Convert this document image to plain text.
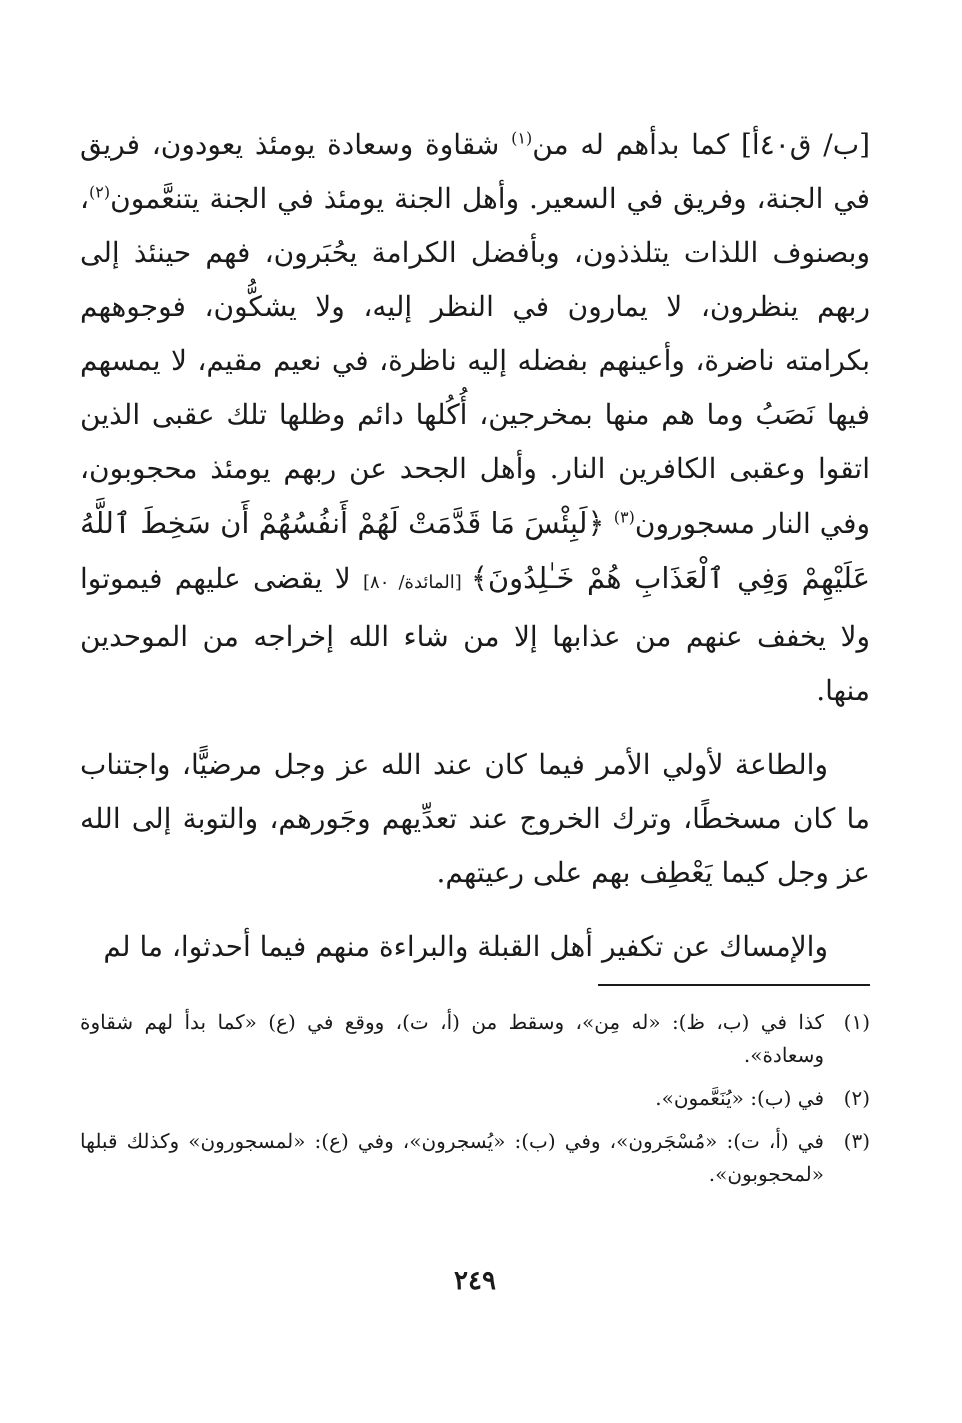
[ب/ ق٤٠أ] كما بدأهم له من$^{(١)}$ شقاوة وسعادة يومئذ يعودون، فريق في الجنة، وفريق في السعير. وأهل الجنة يومئذ في الجنة يتنعَّمون$^{(٢)}$، وبصنوف اللذات يتلذذون، وبأفضل الكرامة يحُبَرون، فهم حينئذ إلى ربهم ينظرون، لا يمارون في النظر إليه، ولا يشكُّون، فوجوههم بكرامته ناضرة، وأعينهم بفضله إليه ناظرة، في نعيم مقيم، لا يمسهم فيها نَصَبُ وما هم منها بمخرجين، أُكُلها دائم وظلها تلك عقبى الذين اتقوا وعقبى الكافرين النار. وأهل الجحد عن ربهم يومئذ محجوبون، وفي النار مسجورون$^{(٣)}$ ﴿لَبِئْسَ مَا قَدَّمَتْ لَهُمْ أَنفُسُهُمْ أَن سَخِطَ ٱللَّهُ عَلَيْهِمْ وَفِي ٱلْعَذَابِ هُمْ خَـٰلِدُونَ﴾ [المائدة/ ٨٠] لا يقضى عليهم فيموتوا ولا يخفف عنهم من عذابها إلا من شاء الله إخراجه من الموحدين منها.

والطاعة لأولي الأمر فيما كان عند الله عز وجل مرضيًّا، واجتناب ما كان مسخطًا، وترك الخروج عند تعدِّيهم وجَورهم، والتوبة إلى الله عز وجل كيما يَعْطِف بهم على رعيتهم.

والإمساك عن تكفير أهل القبلة والبراءة منهم فيما أحدثوا، ما لم

(١)
كذا في (ب، ظ): «له مِن»، وسقط من (أ، ت)، ووقع في (ع) «كما بدأ لهم شقاوة وسعادة».
(٢)
في (ب): «يُنَعَّمون».
(٣)
في (أ، ت): «مُسْجَرون»، وفي (ب): «يُسجرون»، وفي (ع): «لمسجورون» وكذلك قبلها «لمحجوبون».
٢٤٩
